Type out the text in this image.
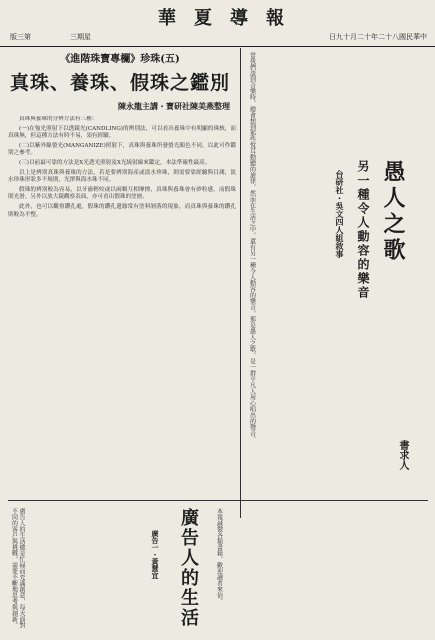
華夏導報
版三第	三期星	日九十月二十年二十八國民華中
《進階珠寶專欄》珍珠(五)
真珠、養珠、假珠之鑑別
陳永龍主講・寶研社陳美燕整理

真珠與養珠的分辨方法有三種：

(一)在強光照射下以透鏡光(CANDLING)的辨別法，可以看出養珠中有明顯的珠核，而真珠無，但這種方法有時不易，須有經驗。

(二)以紫外線螢光(MANGANIZE)照射下，真珠與養珠所發螢光顏色不同，以此可作鑑別之參考。

(三)目前最可靠的方法是X光透光照射及X光繞射線來鑑定，本法準確性最高。

以上是辨別真珠與養珠的方法，若是要辨別海產或淡水珍珠，則需要靠經驗與目測，淡水珍珠形狀多不規則，光澤與海水珠不同。

假珠的辨別較為容易，以牙齒輕咬或以兩顆互相摩擦，真珠與養珠會有砂粒感，而假珠則光滑。另外以放大鏡觀察表面，亦可看出假珠的塗層。

此外，也可以觀察鑽孔處，假珠的鑽孔邊緣常有塗料剝落的現象，而真珠與養珠的鑽孔則較為平整。	當我們談到音樂時，總會想到那些悅耳動聽的旋律，然而在生活之中，還有另一種令人動容的樂音，那是愚人之歌，是一群平凡人用心唱出的聲音。	愚人之歌
另一種令人動容的樂音
台研社・吳文四人組敘事
書求人
廣告人的生活
廣告一・黃慧宜
廣告人的生活總是忙碌而充滿創意，每天面對不同的客戶與挑戰，需要不斷地思考與創新。	本報誠徵各類書籍，歡迎讀者來信。
